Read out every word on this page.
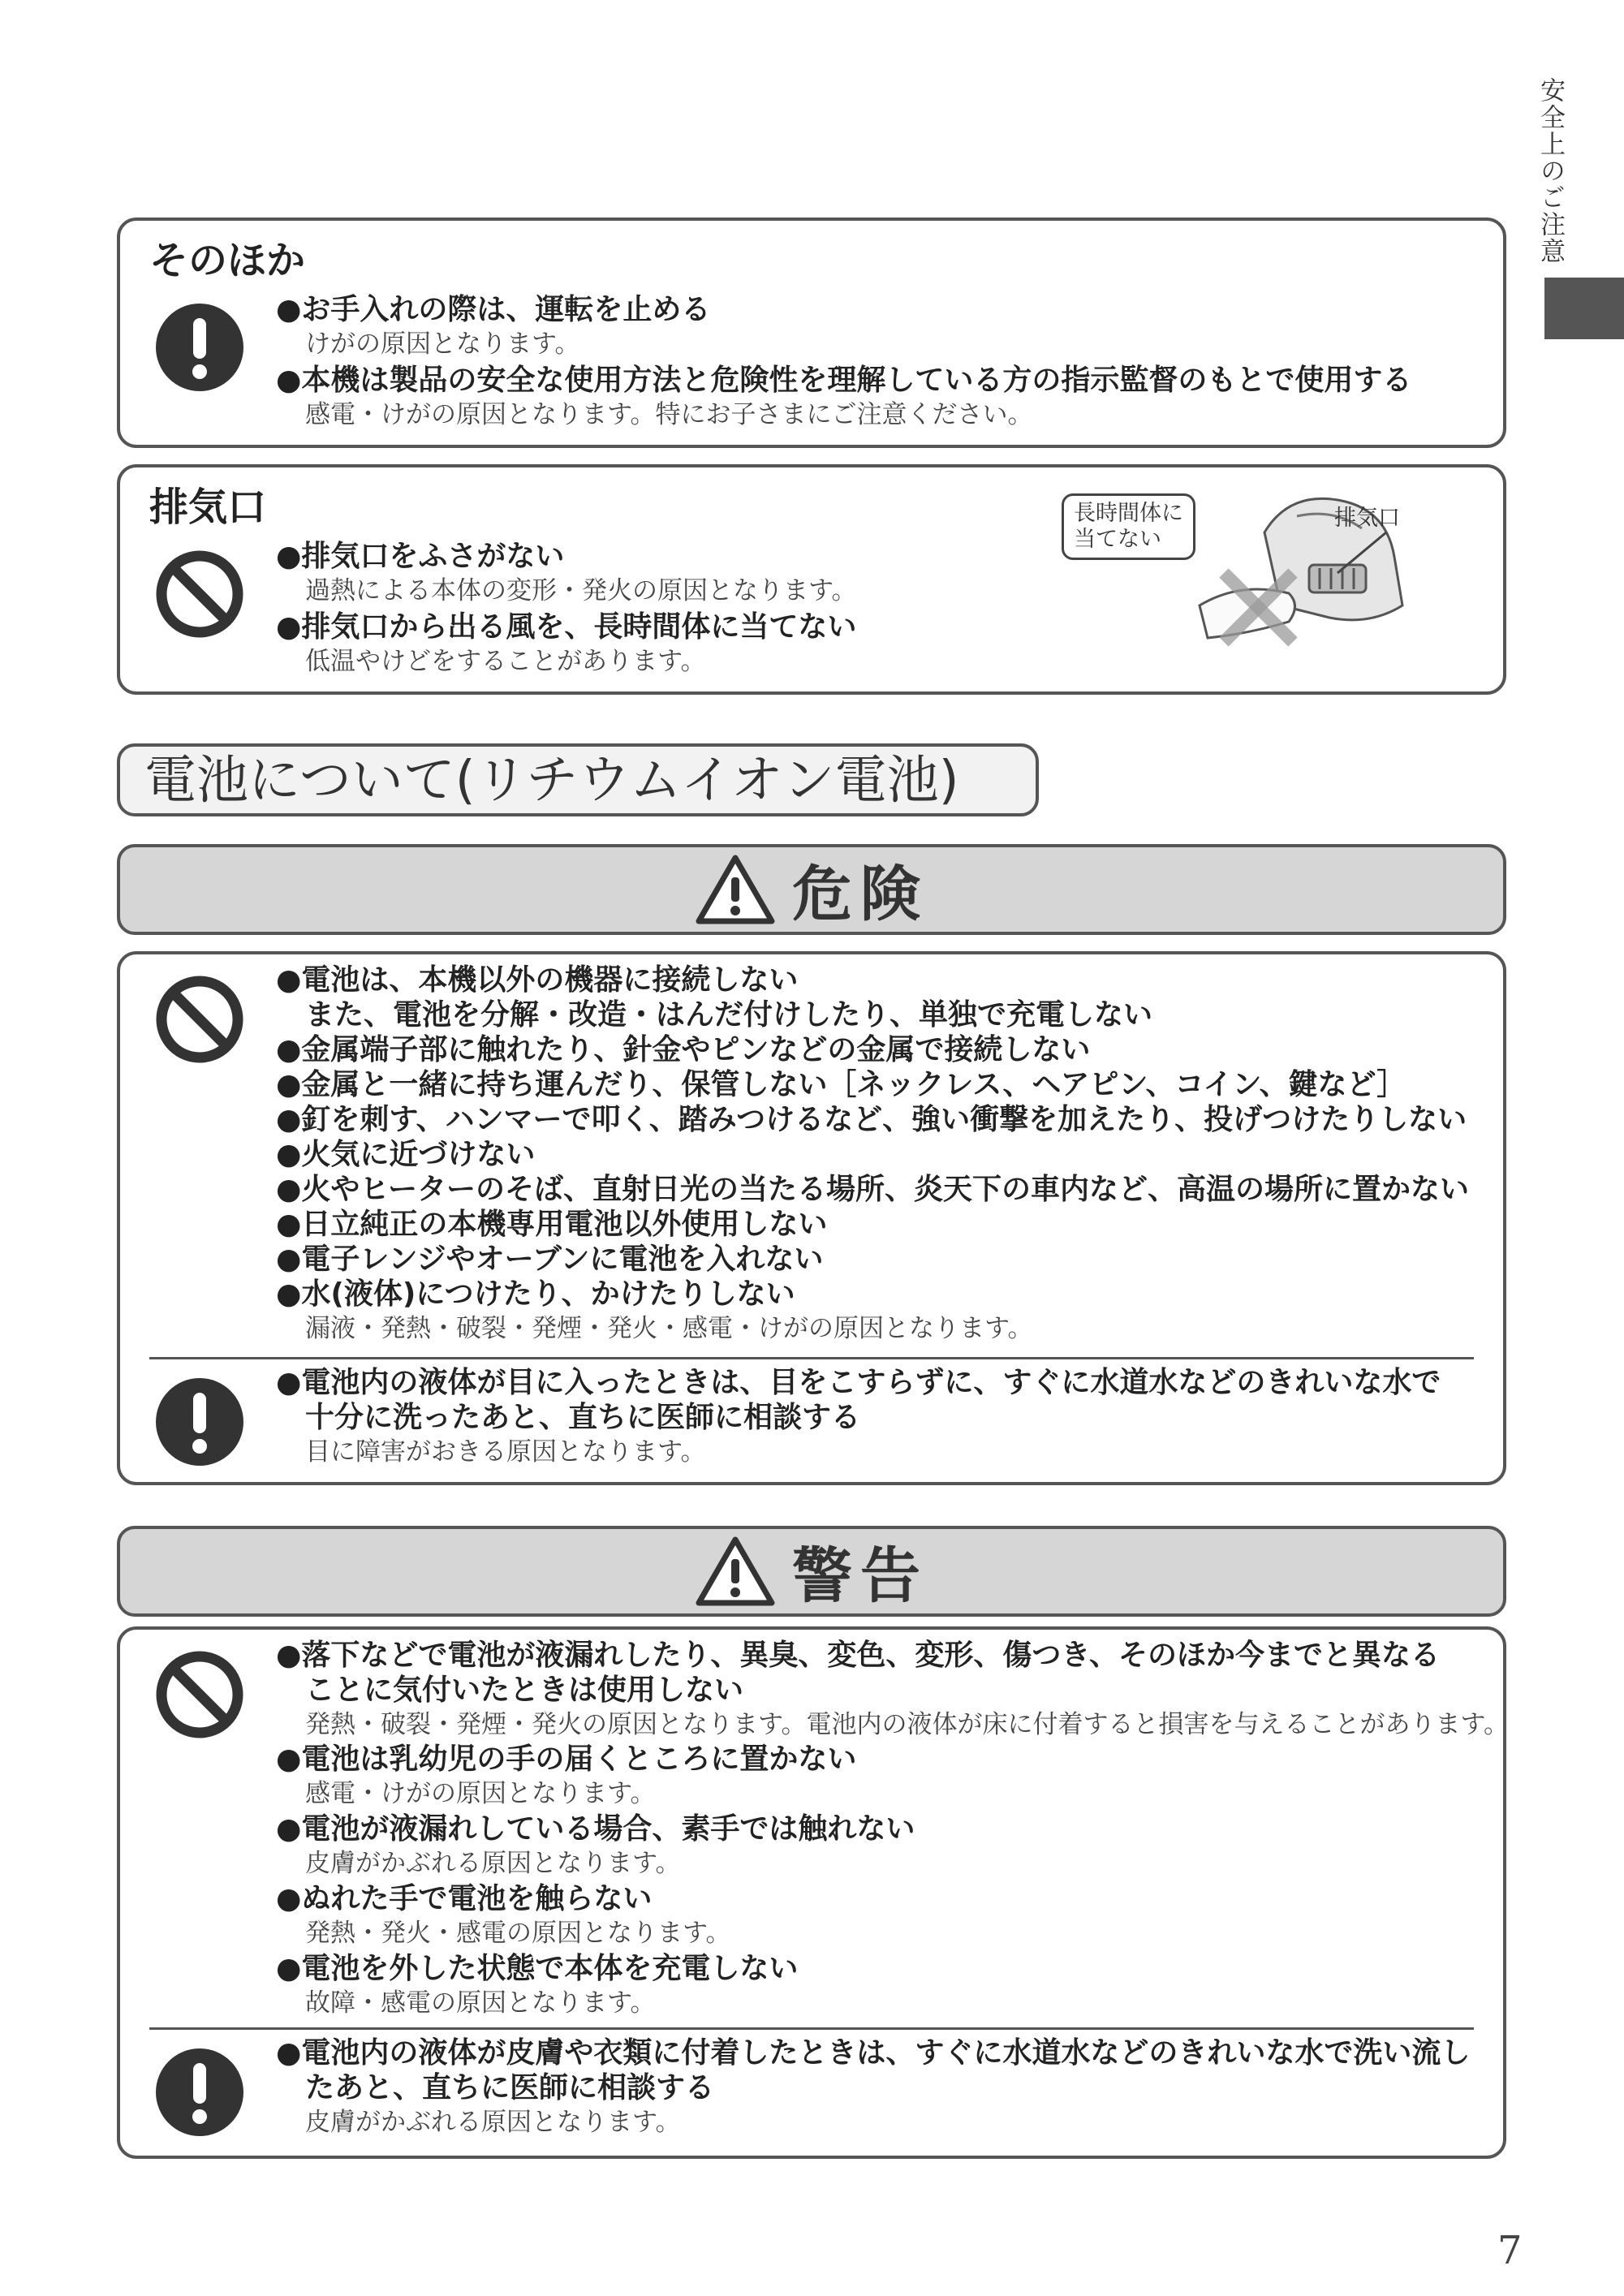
安全上のご注意
そのほか
●お手入れの際は、運転を止める
けがの原因となります。
●本機は製品の安全な使用方法と危険性を理解している方の指示監督のもとで使用する
感電・けがの原因となります。特にお子さまにご注意ください。
排気口
●排気口をふさがない
過熱による本体の変形・発火の原因となります。
●排気口から出る風を、長時間体に当てない
低温やけどをすることがあります。
長時間体に
当てない
排気口
電池について(リチウムイオン電池)
危険
●電池は、本機以外の機器に接続しない
また、電池を分解・改造・はんだ付けしたり、単独で充電しない
●金属端子部に触れたり、針金やピンなどの金属で接続しない
●金属と一緒に持ち運んだり、保管しない［ネックレス、ヘアピン、コイン、鍵など］
●釘を刺す、ハンマーで叩く、踏みつけるなど、強い衝撃を加えたり、投げつけたりしない
●火気に近づけない
●火やヒーターのそば、直射日光の当たる場所、炎天下の車内など、高温の場所に置かない
●日立純正の本機専用電池以外使用しない
●電子レンジやオーブンに電池を入れない
●水(液体)につけたり、かけたりしない
漏液・発熱・破裂・発煙・発火・感電・けがの原因となります。
●電池内の液体が目に入ったときは、目をこすらずに、すぐに水道水などのきれいな水で
十分に洗ったあと、直ちに医師に相談する
目に障害がおきる原因となります。
警告
●落下などで電池が液漏れしたり、異臭、変色、変形、傷つき、そのほか今までと異なる
ことに気付いたときは使用しない
発熱・破裂・発煙・発火の原因となります。電池内の液体が床に付着すると損害を与えることがあります。
●電池は乳幼児の手の届くところに置かない
感電・けがの原因となります。
●電池が液漏れしている場合、素手では触れない
皮膚がかぶれる原因となります。
●ぬれた手で電池を触らない
発熱・発火・感電の原因となります。
●電池を外した状態で本体を充電しない
故障・感電の原因となります。
●電池内の液体が皮膚や衣類に付着したときは、すぐに水道水などのきれいな水で洗い流し
たあと、直ちに医師に相談する
皮膚がかぶれる原因となります。
7
